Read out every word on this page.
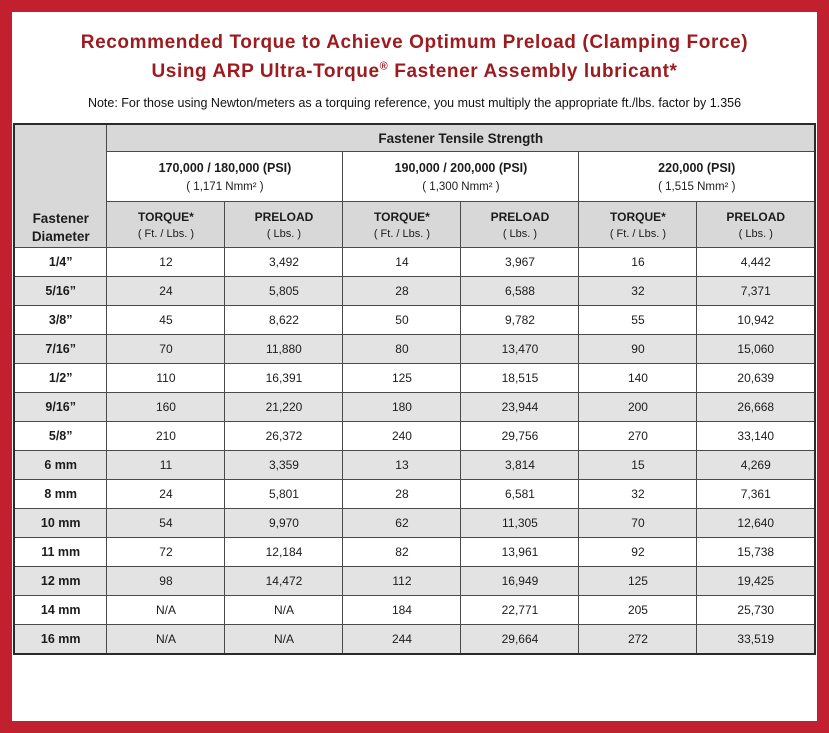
Recommended Torque to Achieve Optimum Preload (Clamping Force)
Using ARP Ultra-Torque® Fastener Assembly lubricant*
Note: For those using Newton/meters as a torquing reference, you must multiply the appropriate ft./lbs. factor by 1.356
Fastener Diameter	Fastener Tensile Strength					

170,000 / 180,000 (PSI)
( 1,171 Nmm² )

190,000 / 200,000 (PSI)
( 1,300 Nmm² )

220,000 (PSI)
( 1,515 Nmm² )

TORQUE*
( Ft. / Lbs. )

PRELOAD
( Lbs. )

TORQUE*
( Ft. / Lbs. )

PRELOAD
( Lbs. )

TORQUE*
( Ft. / Lbs. )

PRELOAD
( Lbs. )

1/4”	12	3,492	14	3,967	16	4,442
5/16”	24	5,805	28	6,588	32	7,371
3/8”	45	8,622	50	9,782	55	10,942
7/16”	70	11,880	80	13,470	90	15,060
1/2”	110	16,391	125	18,515	140	20,639
9/16”	160	21,220	180	23,944	200	26,668
5/8”	210	26,372	240	29,756	270	33,140
6 mm	11	3,359	13	3,814	15	4,269
8 mm	24	5,801	28	6,581	32	7,361
10 mm	54	9,970	62	11,305	70	12,640
11 mm	72	12,184	82	13,961	92	15,738
12 mm	98	14,472	112	16,949	125	19,425
14 mm	N/A	N/A	184	22,771	205	25,730
16 mm	N/A	N/A	244	29,664	272	33,519
